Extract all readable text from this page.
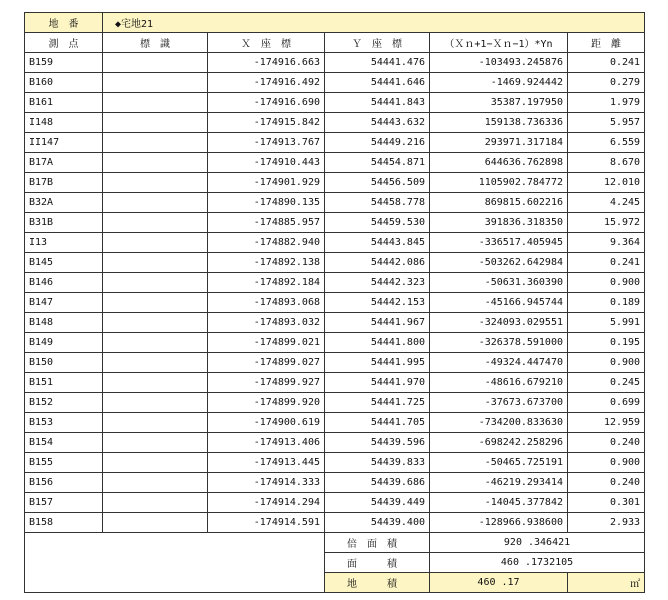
地　番	◆宅地21				
測　点	標　識	Ｘ　座　標	Ｙ　座　標	（Ｘｎ+1−Ｘｎ−1）*Yn	距　離
B159		-174916.663	54441.476	-103493.245876	0.241
B160		-174916.492	54441.646	-1469.924442	0.279
B161		-174916.690	54441.843	35387.197950	1.979
I148		-174915.842	54443.632	159138.736336	5.957
II147		-174913.767	54449.216	293971.317184	6.559
B17A		-174910.443	54454.871	644636.762898	8.670
B17B		-174901.929	54456.509	1105902.784772	12.010
B32A		-174890.135	54458.778	869815.602216	4.245
B31B		-174885.957	54459.530	391836.318350	15.972
I13		-174882.940	54443.845	-336517.405945	9.364
B145		-174892.138	54442.086	-503262.642984	0.241
B146		-174892.184	54442.323	-50631.360390	0.900
B147		-174893.068	54442.153	-45166.945744	0.189
B148		-174893.032	54441.967	-324093.029551	5.991
B149		-174899.021	54441.800	-326378.591000	0.195
B150		-174899.027	54441.995	-49324.447470	0.900
B151		-174899.927	54441.970	-48616.679210	0.245
B152		-174899.920	54441.725	-37673.673700	0.699
B153		-174900.619	54441.705	-734200.833630	12.959
B154		-174913.406	54439.596	-698242.258296	0.240
B155		-174913.445	54439.833	-50465.725191	0.900
B156		-174914.333	54439.686	-46219.293414	0.240
B157		-174914.294	54439.449	-14045.377842	0.301
B158		-174914.591	54439.400	-128966.938600	2.933
			倍面積	920 .346421	
			面　積	460 .1732105	
			地　積	460 .17	㎡
